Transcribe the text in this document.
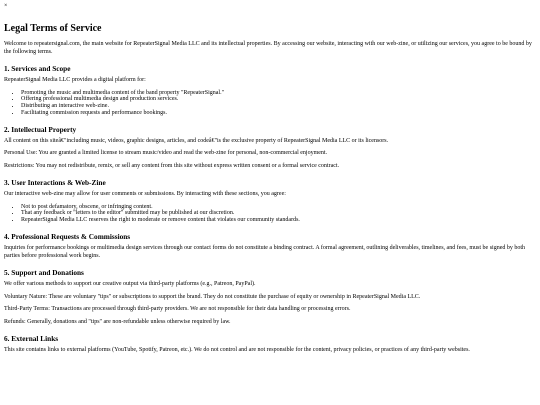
×
Legal Terms of Service

Welcome to repeatersignal.com, the main website for RepeaterSignal Media LLC and its intellectual properties. By accessing our website, interacting with our web-zine, or utilizing our services, you agree to be bound by the following terms.

1. Services and Scope

RepeaterSignal Media LLC provides a digital platform for:

• Promoting the music and multimedia content of the band property "RepeaterSignal."
• Offering professional multimedia design and production services.
• Distributing an interactive web-zine.
• Facilitating commission requests and performance bookings.
2. Intellectual Property

All content on this siteâ€"including music, videos, graphic designs, articles, and codeâ€"is the exclusive property of RepeaterSignal Media LLC or its licensors.

Personal Use: You are granted a limited license to stream music/video and read the web-zine for personal, non-commercial enjoyment.

Restrictions: You may not redistribute, remix, or sell any content from this site without express written consent or a formal service contract.

3. User Interactions & Web-Zine

Our interactive web-zine may allow for user comments or submissions. By interacting with these sections, you agree:

• Not to post defamatory, obscene, or infringing content.
• That any feedback or "letters to the editor" submitted may be published at our discretion.
• RepeaterSignal Media LLC reserves the right to moderate or remove content that violates our community standards.
4. Professional Requests & Commissions

Inquiries for performance bookings or multimedia design services through our contact forms do not constitute a binding contract. A formal agreement, outlining deliverables, timelines, and fees, must be signed by both parties before professional work begins.

5. Support and Donations

We offer various methods to support our creative output via third-party platforms (e.g., Patreon, PayPal).

Voluntary Nature: These are voluntary "tips" or subscriptions to support the brand. They do not constitute the purchase of equity or ownership in RepeaterSignal Media LLC.

Third-Party Terms: Transactions are processed through third-party providers. We are not responsible for their data handling or processing errors.

Refunds: Generally, donations and "tips" are non-refundable unless otherwise required by law.

6. External Links

This site contains links to external platforms (YouTube, Spotify, Patreon, etc.). We do not control and are not responsible for the content, privacy policies, or practices of any third-party websites.
